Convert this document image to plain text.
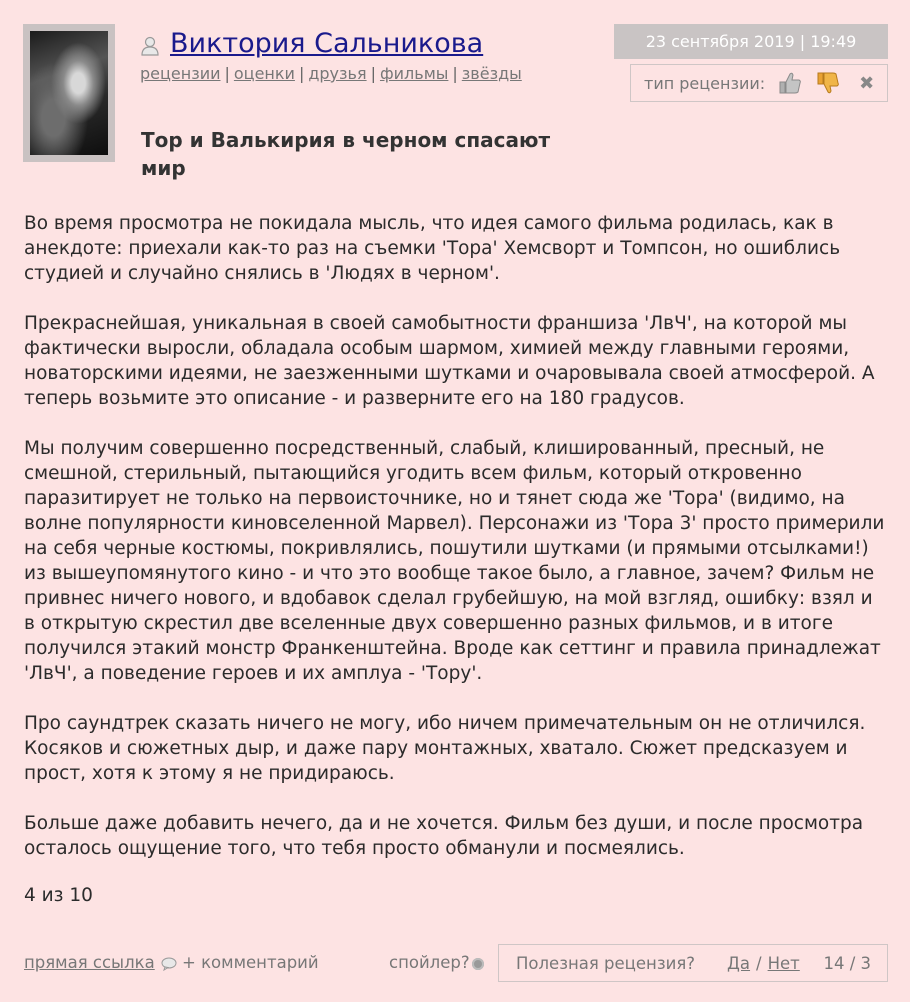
Виктория Сальникова
рецензии | оценки | друзья | фильмы | звёзды
23 сентября 2019 | 19:49
тип рецензии:	✖
Тор и Валькирия в черном спасают мир

Во время просмотра не покидала мысль, что идея самого фильма родилась, как в анекдоте: приехали как-то раз на съемки 'Тора' Хемсворт и Томпсон, но ошиблись студией и случайно снялись в 'Людях в черном'.

Прекраснейшая, уникальная в своей самобытности франшиза 'ЛвЧ', на которой мы фактически выросли, обладала особым шармом, химией между главными героями, новаторскими идеями, не заезженными шутками и очаровывала своей атмосферой. А теперь возьмите это описание - и разверните его на 180 градусов.

Мы получим совершенно посредственный, слабый, клишированный, пресный, не смешной, стерильный, пытающийся угодить всем фильм, который откровенно паразитирует не только на первоисточнике, но и тянет сюда же 'Тора' (видимо, на волне популярности киновселенной Марвел). Персонажи из 'Тора 3' просто примерили на себя черные костюмы, покривлялись, пошутили шутками (и прямыми отсылками!) из вышеупомянутого кино - и что это вообще такое было, а главное, зачем? Фильм не привнес ничего нового, и вдобавок сделал грубейшую, на мой взгляд, ошибку: взял и в открытую скрестил две вселенные двух совершенно разных фильмов, и в итоге получился этакий монстр Франкенштейна. Вроде как сеттинг и правила принадлежат 'ЛвЧ', а поведение героев и их амплуа - 'Тору'.

Про саундтрек сказать ничего не могу, ибо ничем примечательным он не отличился. Косяков и сюжетных дыр, и даже пару монтажных, хватало. Сюжет предсказуем и прост, хотя к этому я не придираюсь.

Больше даже добавить нечего, да и не хочется. Фильм без души, и после просмотра осталось ощущение того, что тебя просто обманули и посмеялись.

4 из 10
прямая ссылка + комментарий	спойлер?	Полезная рецензия? Да / Нет 14 / 3
